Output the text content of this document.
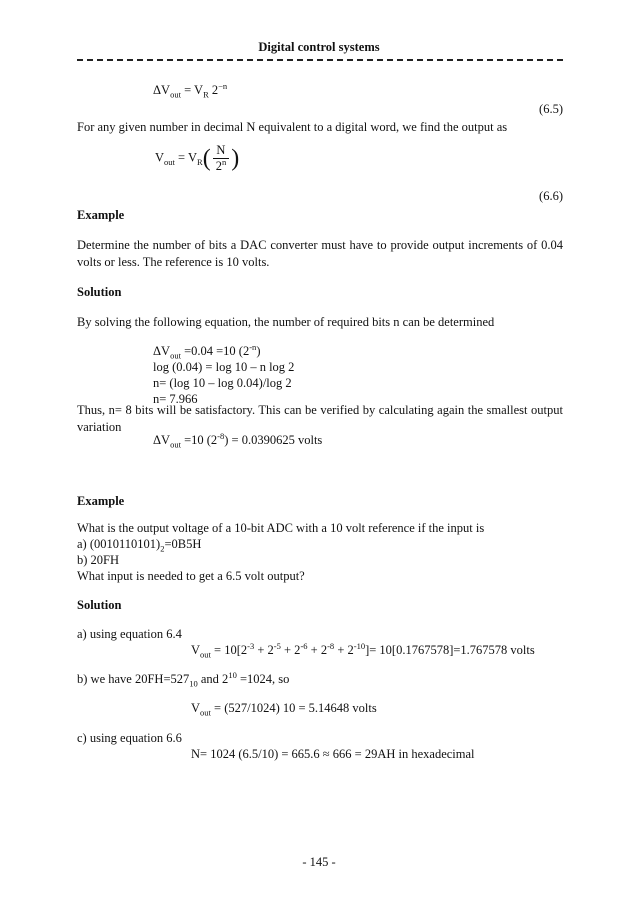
Digital control systems
$\Delta V_{out} = V_R$ $2^{-n}$
(6.5)
For any given number in decimal N equivalent to a digital word, we find the output as
$V_{out} = V_R( \frac{N}{2^n}$ )
(6.6)
Example
Determine the number of bits a DAC converter must have to provide output increments of 0.04 volts or less. The reference is 10 volts.
Solution
By solving the following equation, the number of required bits n can be determined
$\Delta V_{out} =0.04 =10$ $(2^{-n})$
log (0.04) = log 10 – n log 2
n= (log 10 – log 0.04)/log 2
n= 7.966
Thus, n= 8 bits will be satisfactory. This can be verified by calculating again the smallest output variation
$\Delta V_{out} =10$ $(2^{-8}) = 0.0390625$ volts
Example
What is the output voltage of a 10-bit ADC with a 10 volt reference if the input is
a) $(0010110101)_2=0B5H$
b) 20FH
What input is needed to get a 6.5 volt output?
Solution
a) using equation 6.4
$V_{out} = 10[2^{-3} + 2^{-5} + 2^{-6} + 2^{-8} + 2^{-10}]= 10[0.1767578]=1.767578$ volts
b) we have $20FH=527_{10}$ and $2^{10} =1024$, so
$V_{out} = (527/1024) 10 = 5.14648$ volts
c) using equation 6.6
N= 1024 (6.5/10) = 665.6 ≈ 666 = 29AH in hexadecimal
- 145 -
